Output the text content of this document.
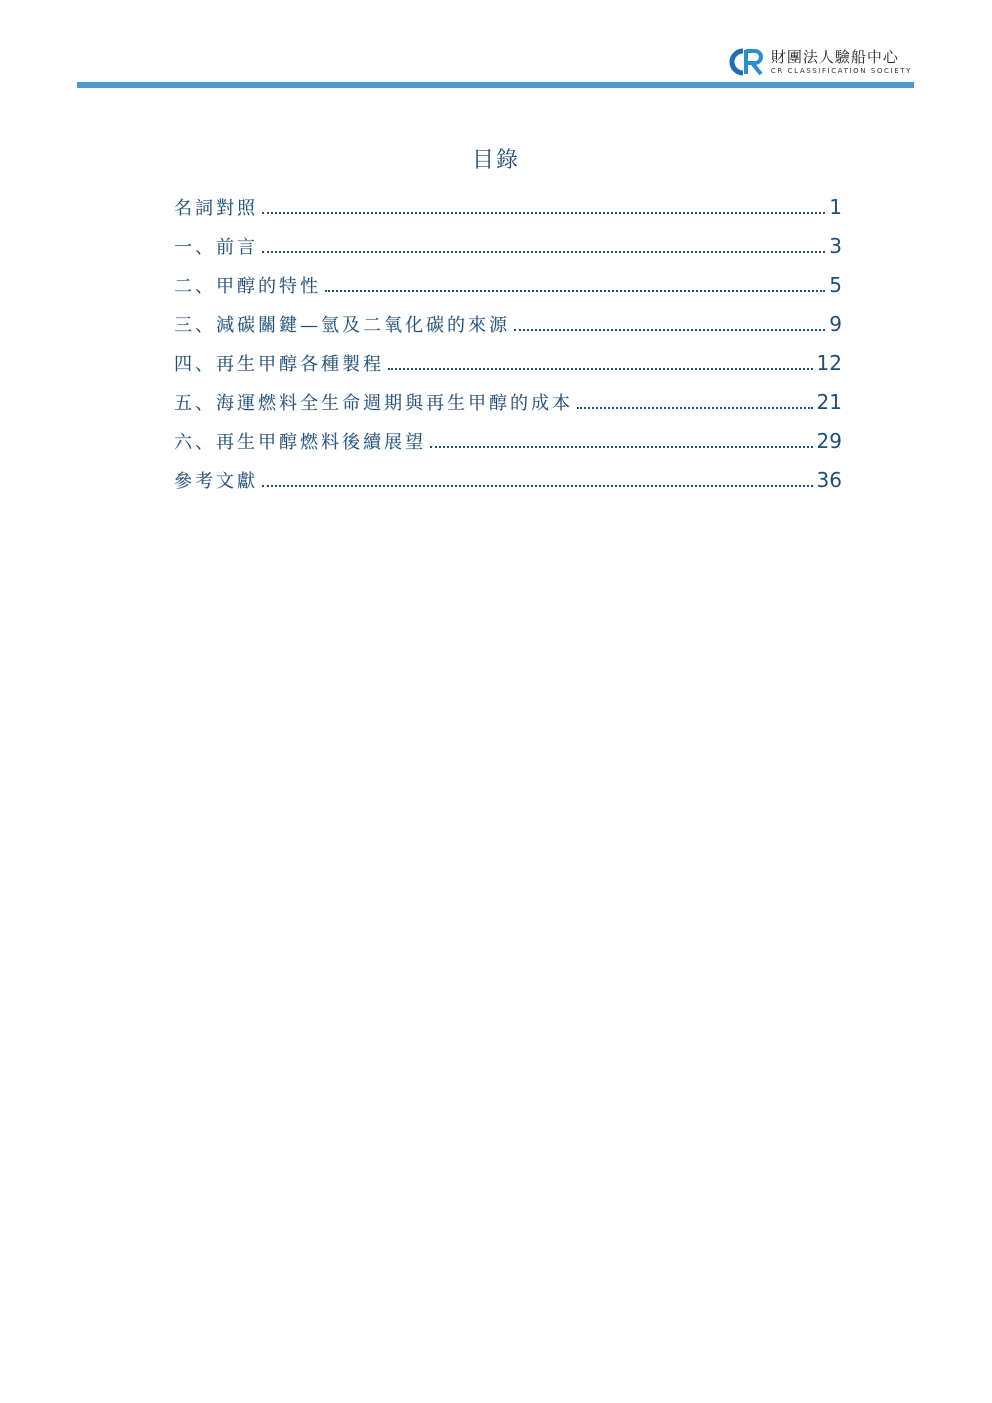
財團法人驗船中心
CR CLASSIFICATION SOCIETY
目錄
名詞對照	1
一、前言	3
二、甲醇的特性	5
三、減碳關鍵—氫及二氧化碳的來源	9
四、再生甲醇各種製程	12
五、海運燃料全生命週期與再生甲醇的成本	21
六、再生甲醇燃料後續展望	29
參考文獻	36
